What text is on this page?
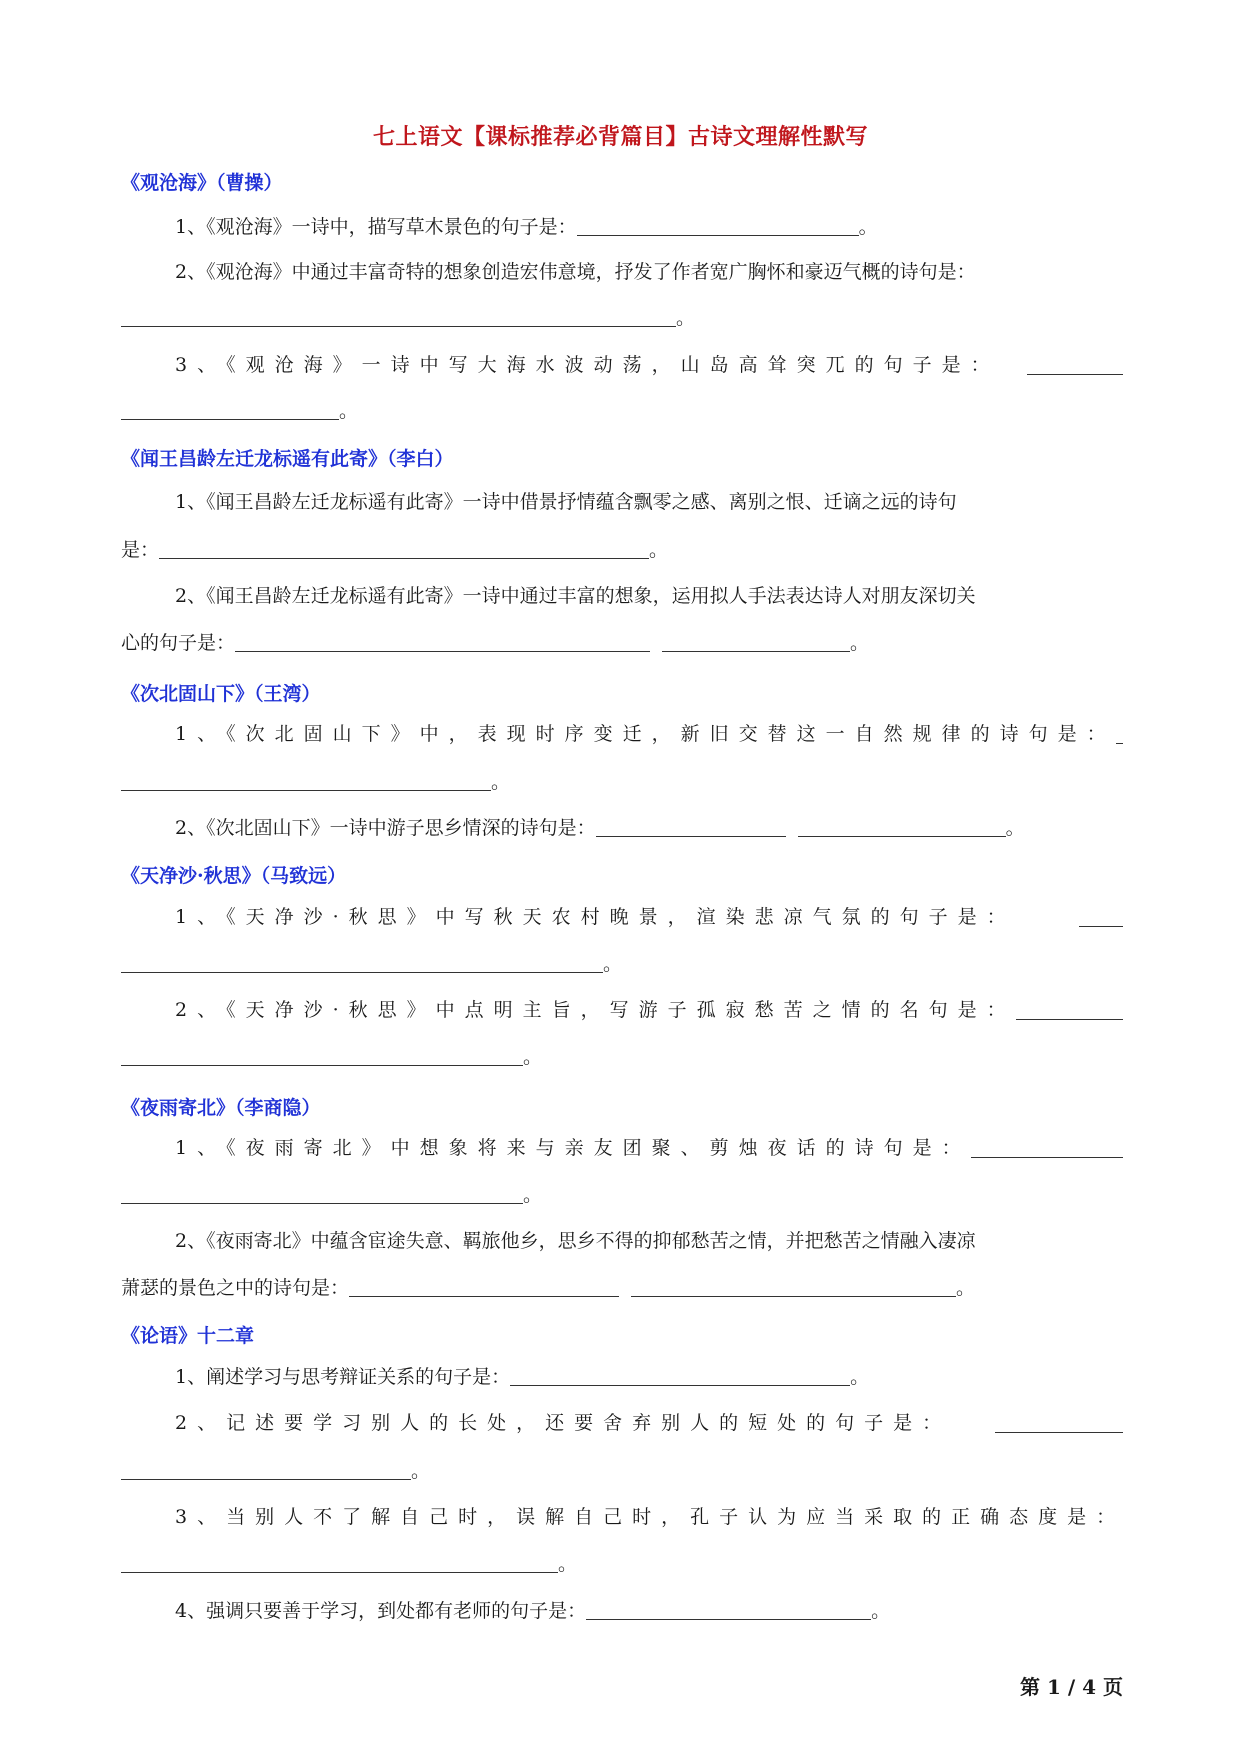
七上语文【课标推荐必背篇目】古诗文理解性默写
《观沧海》（曹操）
1、《观沧海》一诗中，描写草木景色的句子是：	。
2、《观沧海》中通过丰富奇特的想象创造宏伟意境，抒发了作者宽广胸怀和豪迈气概的诗句是：
。
3、《观沧海》一诗中写大海水波动荡，山岛高耸突兀的句子是：
。
《闻王昌龄左迁龙标遥有此寄》（李白）
1、《闻王昌龄左迁龙标遥有此寄》一诗中借景抒情蕴含飘零之感、离别之恨、迁谪之远的诗句
是：	。
2、《闻王昌龄左迁龙标遥有此寄》一诗中通过丰富的想象，运用拟人手法表达诗人对朋友深切关
心的句子是：	。
《次北固山下》（王湾）
1、《次北固山下》中，表现时序变迁，新旧交替这一自然规律的诗句是：
。
2、《次北固山下》一诗中游子思乡情深的诗句是：	。
《天净沙·秋思》（马致远）
1、《天净沙·秋思》中写秋天农村晚景，渲染悲凉气氛的句子是：
。
2、《天净沙·秋思》中点明主旨，写游子孤寂愁苦之情的名句是：
。
《夜雨寄北》（李商隐）
1、《夜雨寄北》中想象将来与亲友团聚、剪烛夜话的诗句是：
。
2、《夜雨寄北》中蕴含宦途失意、羁旅他乡，思乡不得的抑郁愁苦之情，并把愁苦之情融入凄凉
萧瑟的景色之中的诗句是：	。
《论语》十二章
1、阐述学习与思考辩证关系的句子是：	。
2、记述要学习别人的长处，还要舍弃别人的短处的句子是：
。
3、当别人不了解自己时，误解自己时，孔子认为应当采取的正确态度是：
。
4、强调只要善于学习，到处都有老师的句子是：	。
第 1 / 4 页
